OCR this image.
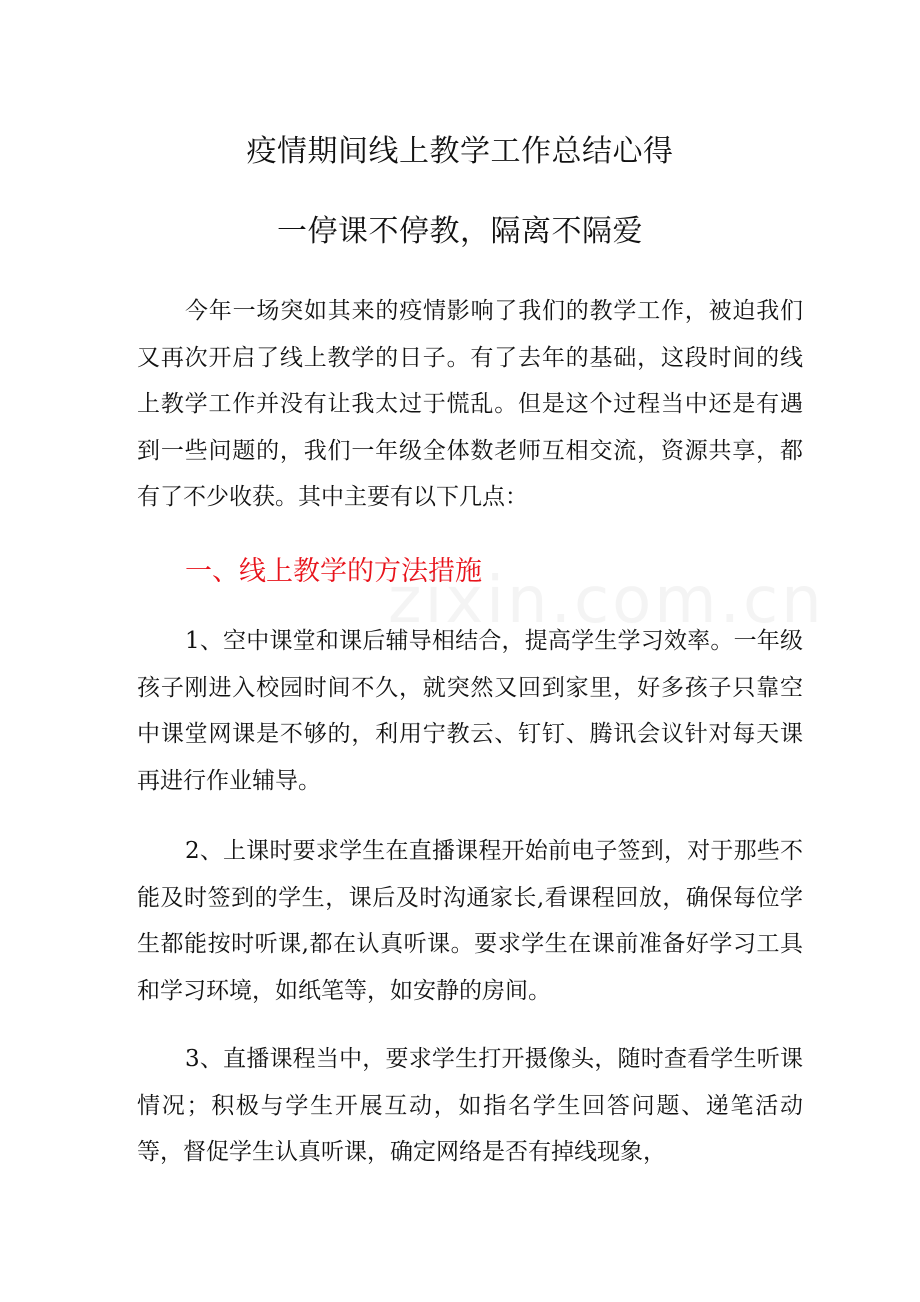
疫情期间线上教学工作总结心得
一停课不停教，隔离不隔爱

今年一场突如其来的疫情影响了我们的教学工作，被迫我们又再次开启了线上教学的日子。有了去年的基础，这段时间的线上教学工作并没有让我太过于慌乱。但是这个过程当中还是有遇到一些问题的，我们一年级全体数老师互相交流，资源共享，都有了不少收获。其中主要有以下几点：

一、线上教学的方法措施
zixin.com.cn

1、空中课堂和课后辅导相结合，提高学生学习效率。一年级孩子刚进入校园时间不久，就突然又回到家里，好多孩子只靠空中课堂网课是不够的，利用宁教云、钉钉、腾讯会议针对每天课再进行作业辅导。

2、上课时要求学生在直播课程开始前电子签到，对于那些不能及时签到的学生，课后及时沟通家长,看课程回放，确保每位学生都能按时听课,都在认真听课。要求学生在课前准备好学习工具和学习环境，如纸笔等，如安静的房间。

3、直播课程当中，要求学生打开摄像头，随时查看学生听课情况；积极与学生开展互动，如指名学生回答问题、递笔活动等，督促学生认真听课，确定网络是否有掉线现象，
